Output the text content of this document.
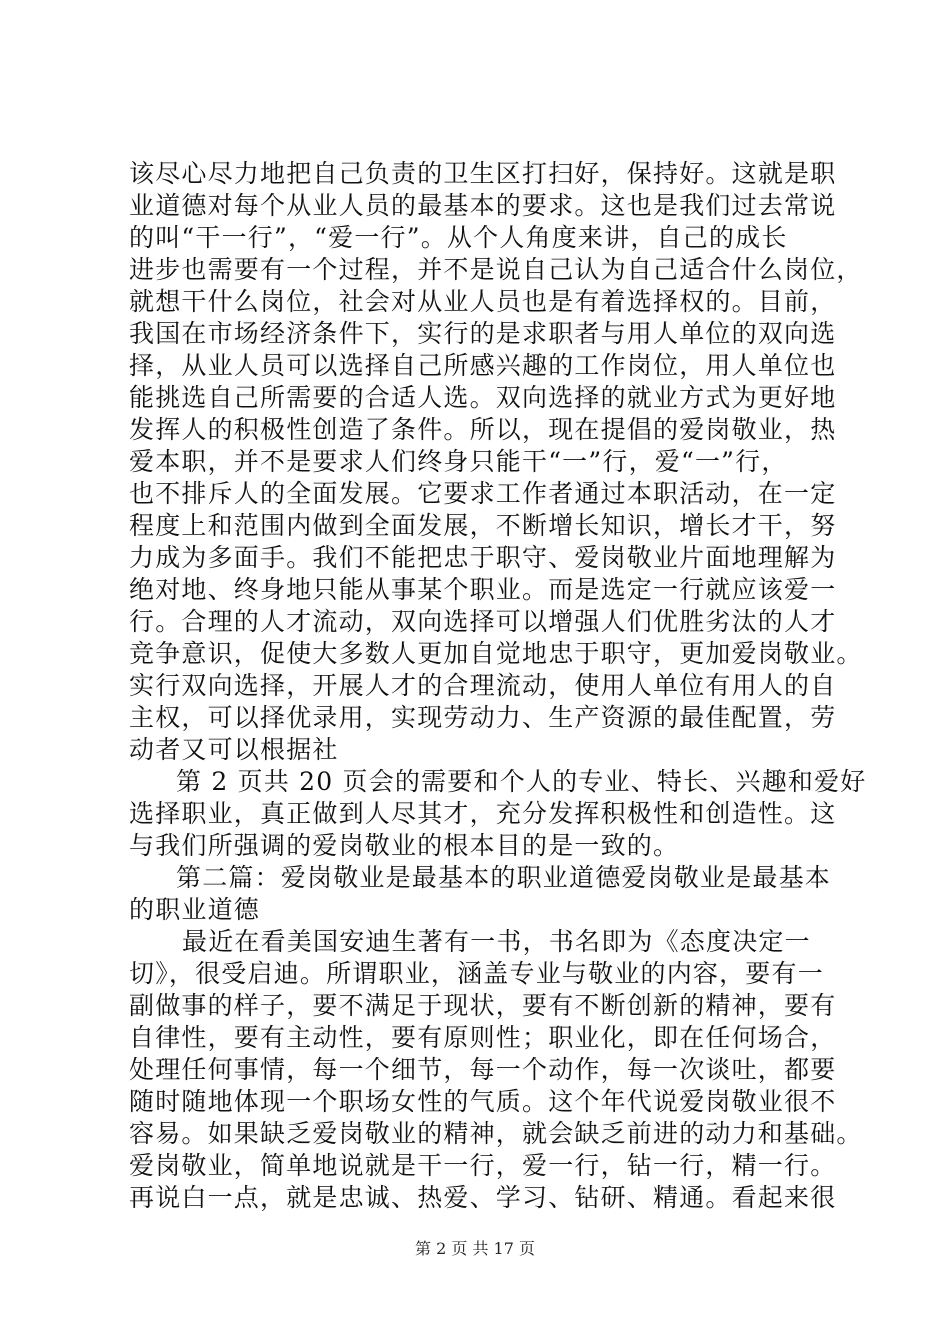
该尽心尽力地把自己负责的卫生区打扫好，保持好。这就是职
业道德对每个从业人员的最基本的要求。这也是我们过去常说
的叫“干一行”，“爱一行”。从个人角度来讲，自己的成长
进步也需要有一个过程，并不是说自己认为自己适合什么岗位，
就想干什么岗位，社会对从业人员也是有着选择权的。目前，
我国在市场经济条件下，实行的是求职者与用人单位的双向选
择，从业人员可以选择自己所感兴趣的工作岗位，用人单位也
能挑选自己所需要的合适人选。双向选择的就业方式为更好地
发挥人的积极性创造了条件。所以，现在提倡的爱岗敬业，热
爱本职，并不是要求人们终身只能干“一”行，爱“一”行，
也不排斥人的全面发展。它要求工作者通过本职活动，在一定
程度上和范围内做到全面发展，不断增长知识，增长才干，努
力成为多面手。我们不能把忠于职守、爱岗敬业片面地理解为
绝对地、终身地只能从事某个职业。而是选定一行就应该爱一
行。合理的人才流动，双向选择可以增强人们优胜劣汰的人才
竞争意识，促使大多数人更加自觉地忠于职守，更加爱岗敬业。
实行双向选择，开展人才的合理流动，使用人单位有用人的自
主权，可以择优录用，实现劳动力、生产资源的最佳配置，劳
动者又可以根据社
第 2 页共 20 页会的需要和个人的专业、特长、兴趣和爱好
选择职业，真正做到人尽其才，充分发挥积极性和创造性。这
与我们所强调的爱岗敬业的根本目的是一致的。
第二篇：爱岗敬业是最基本的职业道德爱岗敬业是最基本
的职业道德
最近在看美国安迪生著有一书，书名即为《态度决定一
切》，很受启迪。所谓职业，涵盖专业与敬业的内容，要有一
副做事的样子，要不满足于现状，要有不断创新的精神，要有
自律性，要有主动性，要有原则性；职业化，即在任何场合，
处理任何事情，每一个细节，每一个动作，每一次谈吐，都要
随时随地体现一个职场女性的气质。这个年代说爱岗敬业很不
容易。如果缺乏爱岗敬业的精神，就会缺乏前进的动力和基础。
爱岗敬业，简单地说就是干一行，爱一行，钻一行，精一行。
再说白一点，就是忠诚、热爱、学习、钻研、精通。看起来很
第 2 页 共 17 页
